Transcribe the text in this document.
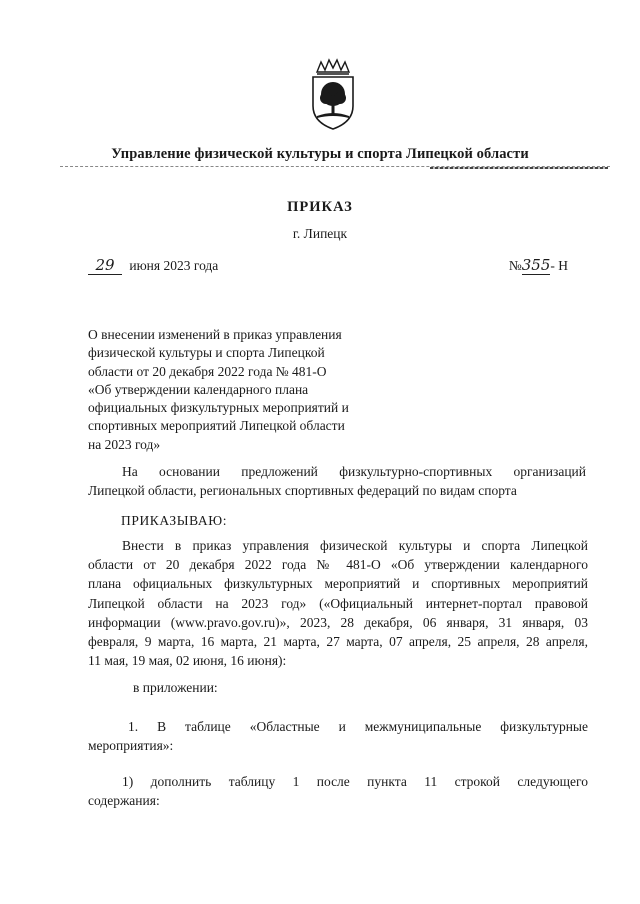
Управление физической культуры и спорта Липецкой области
ПРИКАЗ
г. Липецк
29 июня 2023 года	№355- Н
О внесении изменений в приказ управления
физической культуры и спорта Липецкой
области от 20 декабря 2022 года № 481-О
«Об утверждении календарного плана
официальных физкультурных мероприятий и
спортивных мероприятий Липецкой области
на 2023 год»
На основании предложений физкультурно-спортивных организаций
Липецкой области, региональных спортивных федераций по видам спорта
ПРИКАЗЫВАЮ:
Внести в приказ управления физической культуры и спорта Липецкой
области от 20 декабря 2022 года № 481-О «Об утверждении календарного
плана официальных физкультурных мероприятий и спортивных мероприятий
Липецкой области на 2023 год» («Официальный интернет-портал правовой
информации (www.pravo.gov.ru)», 2023, 28 декабря, 06 января, 31 января, 03
февраля, 9 марта, 16 марта, 21 марта, 27 марта, 07 апреля, 25 апреля, 28 апреля,
11 мая, 19 мая, 02 июня, 16 июня):
в приложении:
1. В таблице «Областные и межмуниципальные физкультурные
мероприятия»:
1) дополнить таблицу 1 после пункта 11 строкой следующего
содержания:
